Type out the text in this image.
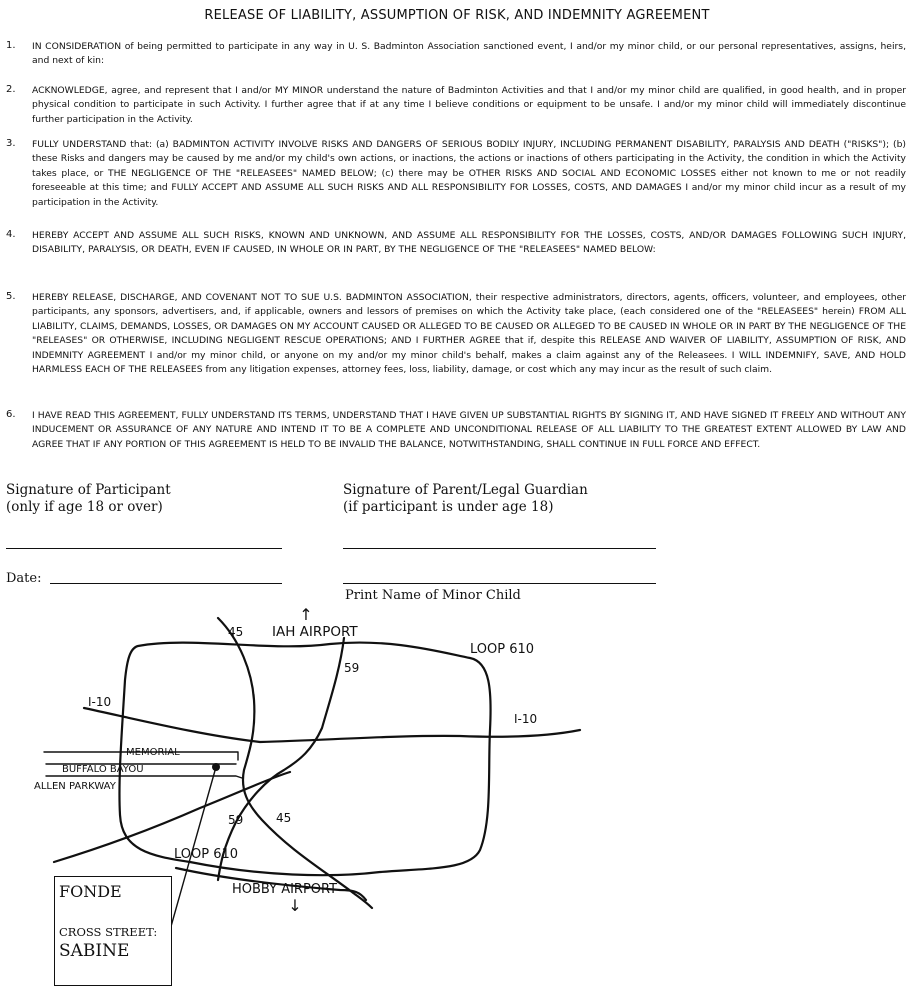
RELEASE OF LIABILITY, ASSUMPTION OF RISK, AND INDEMNITY AGREEMENT
1. IN CONSIDERATION of being permitted to participate in any way in U. S. Badminton Association sanctioned event, I and/or my minor child, or our personal representatives, assigns, heirs, and next of kin:
2. ACKNOWLEDGE, agree, and represent that I and/or MY MINOR understand the nature of Badminton Activities and that I and/or my minor child are qualified, in good health, and in proper physical condition to participate in such Activity. I further agree that if at any time I believe conditions or equipment to be unsafe. I and/or my minor child will immediately discontinue further participation in the Activity.
3. FULLY UNDERSTAND that: (a) BADMINTON ACTIVITY INVOLVE RISKS AND DANGERS OF SERIOUS BODILY INJURY, INCLUDING PERMANENT DISABILITY, PARALYSIS AND DEATH ("RISKS"); (b) these Risks and dangers may be caused by me and/or my child's own actions, or inactions, the actions or inactions of others participating in the Activity, the condition in which the Activity takes place, or THE NEGLIGENCE OF THE "RELEASEES" NAMED BELOW; (c) there may be OTHER RISKS AND SOCIAL AND ECONOMIC LOSSES either not known to me or not readily foreseeable at this time; and FULLY ACCEPT AND ASSUME ALL SUCH RISKS AND ALL RESPONSIBILITY FOR LOSSES, COSTS, AND DAMAGES I and/or my minor child incur as a result of my participation in the Activity.
4. HEREBY ACCEPT AND ASSUME ALL SUCH RISKS, KNOWN AND UNKNOWN, AND ASSUME ALL RESPONSIBILITY FOR THE LOSSES, COSTS, AND/OR DAMAGES FOLLOWING SUCH INJURY, DISABILITY, PARALYSIS, OR DEATH, EVEN IF CAUSED, IN WHOLE OR IN PART, BY THE NEGLIGENCE OF THE "RELEASEES" NAMED BELOW:
5. HEREBY RELEASE, DISCHARGE, AND COVENANT NOT TO SUE U.S. BADMINTON ASSOCIATION, their respective administrators, directors, agents, officers, volunteer, and employees, other participants, any sponsors, advertisers, and, if applicable, owners and lessors of premises on which the Activity take place, (each considered one of the "RELEASEES" herein) FROM ALL LIABILITY, CLAIMS, DEMANDS, LOSSES, OR DAMAGES ON MY ACCOUNT CAUSED OR ALLEGED TO BE CAUSED OR ALLEGED TO BE CAUSED IN WHOLE OR IN PART BY THE NEGLIGENCE OF THE "RELEASES" OR OTHERWISE, INCLUDING NEGLIGENT RESCUE OPERATIONS; AND I FURTHER AGREE that if, despite this RELEASE AND WAIVER OF LIABILITY, ASSUMPTION OF RISK, AND INDEMNITY AGREEMENT I and/or my minor child, or anyone on my and/or my minor child's behalf, makes a claim against any of the Releasees. I WILL INDEMNIFY, SAVE, AND HOLD HARMLESS EACH OF THE RELEASEES from any litigation expenses, attorney fees, loss, liability, damage, or cost which any may incur as the result of such claim.
6. I HAVE READ THIS AGREEMENT, FULLY UNDERSTAND ITS TERMS, UNDERSTAND THAT I HAVE GIVEN UP SUBSTANTIAL RIGHTS BY SIGNING IT, AND HAVE SIGNED IT FREELY AND WITHOUT ANY INDUCEMENT OR ASSURANCE OF ANY NATURE AND INTEND IT TO BE A COMPLETE AND UNCONDITIONAL RELEASE OF ALL LIABILITY TO THE GREATEST EXTENT ALLOWED BY LAW AND AGREE THAT IF ANY PORTION OF THIS AGREEMENT IS HELD TO BE INVALID THE BALANCE, NOTWITHSTANDING, SHALL CONTINUE IN FULL FORCE AND EFFECT.
Signature of Participant
(only if age 18 or over)
Signature of Parent/Legal Guardian
(if participant is under age 18)
Date:
Print Name of Minor Child
↑
IAH AIRPORT
45
59
LOOP 610
I-10
I-10
MEMORIAL
BUFFALO BAYOU
ALLEN PARKWAY
59	45
LOOP 610
HOBBY AIRPORT
↓
FONDE
CROSS STREET:
SABINE
